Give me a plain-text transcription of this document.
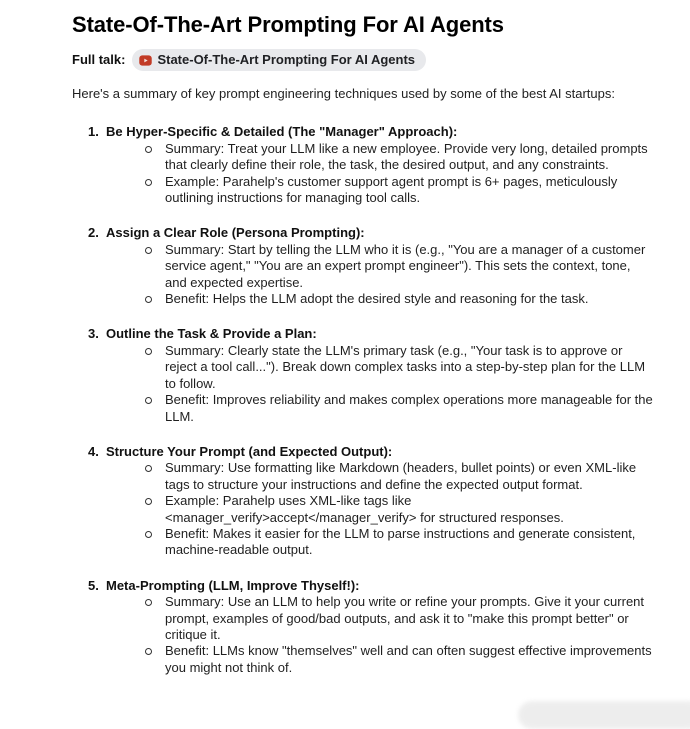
State-Of-The-Art Prompting For AI Agents
Full talk: State-Of-The-Art Prompting For AI Agents

Here's a summary of key prompt engineering techniques used by some of the best AI startups:

1. Be Hyper-Specific & Detailed (The "Manager" Approach):
Summary: Treat your LLM like a new employee. Provide very long, detailed prompts that clearly define their role, the task, the desired output, and any constraints.
Example: Parahelp's customer support agent prompt is 6+ pages, meticulously outlining instructions for managing tool calls.
2. Assign a Clear Role (Persona Prompting):
Summary: Start by telling the LLM who it is (e.g., "You are a manager of a customer service agent," "You are an expert prompt engineer"). This sets the context, tone, and expected expertise.
Benefit: Helps the LLM adopt the desired style and reasoning for the task.
3. Outline the Task & Provide a Plan:
Summary: Clearly state the LLM's primary task (e.g., "Your task is to approve or reject a tool call..."). Break down complex tasks into a step-by-step plan for the LLM to follow.
Benefit: Improves reliability and makes complex operations more manageable for the LLM.
4. Structure Your Prompt (and Expected Output):
Summary: Use formatting like Markdown (headers, bullet points) or even XML-like tags to structure your instructions and define the expected output format.
Example: Parahelp uses XML-like tags like <manager_verify>accept</manager_verify> for structured responses.
Benefit: Makes it easier for the LLM to parse instructions and generate consistent, machine-readable output.
5. Meta-Prompting (LLM, Improve Thyself!):
Summary: Use an LLM to help you write or refine your prompts. Give it your current prompt, examples of good/bad outputs, and ask it to "make this prompt better" or critique it.
Benefit: LLMs know "themselves" well and can often suggest effective improvements you might not think of.
